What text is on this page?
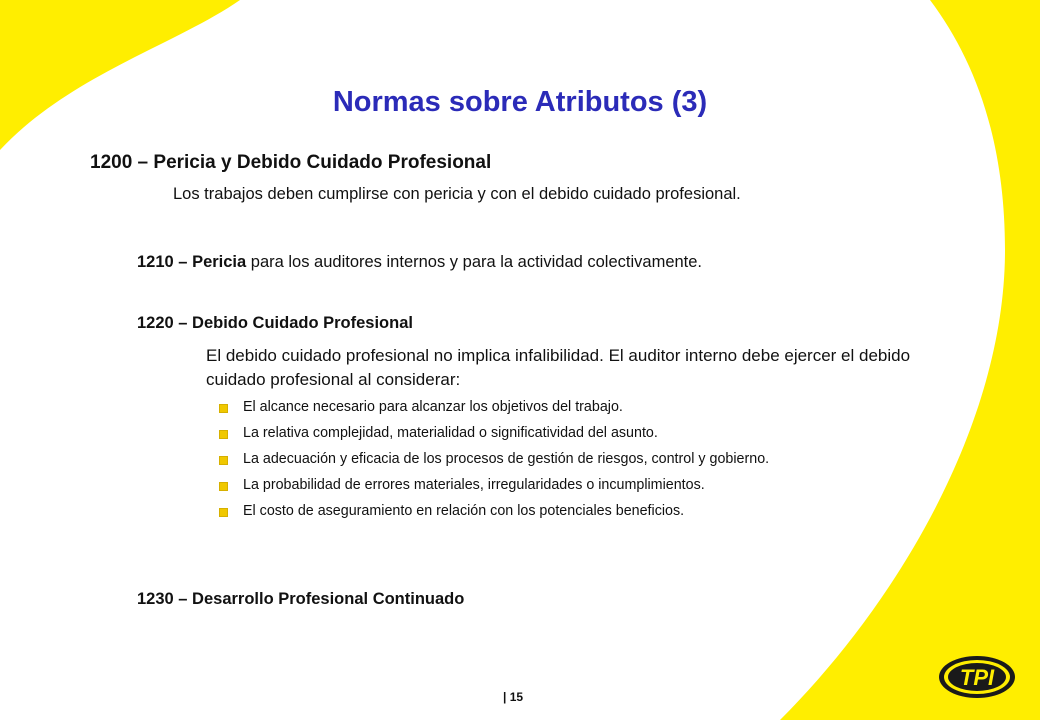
Normas sobre Atributos (3)
1200 – Pericia y Debido Cuidado Profesional
Los trabajos deben cumplirse con pericia y con el debido cuidado profesional.
1210 – Pericia para los auditores internos y para la actividad colectivamente.
1220 – Debido Cuidado Profesional
El debido cuidado profesional no implica infalibilidad. El auditor interno debe ejercer el debido cuidado profesional al considerar:
El alcance necesario para alcanzar los objetivos del trabajo.
La relativa complejidad, materialidad o significatividad del asunto.
La adecuación y eficacia de los procesos de gestión de riesgos, control y gobierno.
La probabilidad de errores materiales, irregularidades o incumplimientos.
El costo de aseguramiento en relación con los potenciales beneficios.
1230 – Desarrollo Profesional Continuado
| 15
TPI
